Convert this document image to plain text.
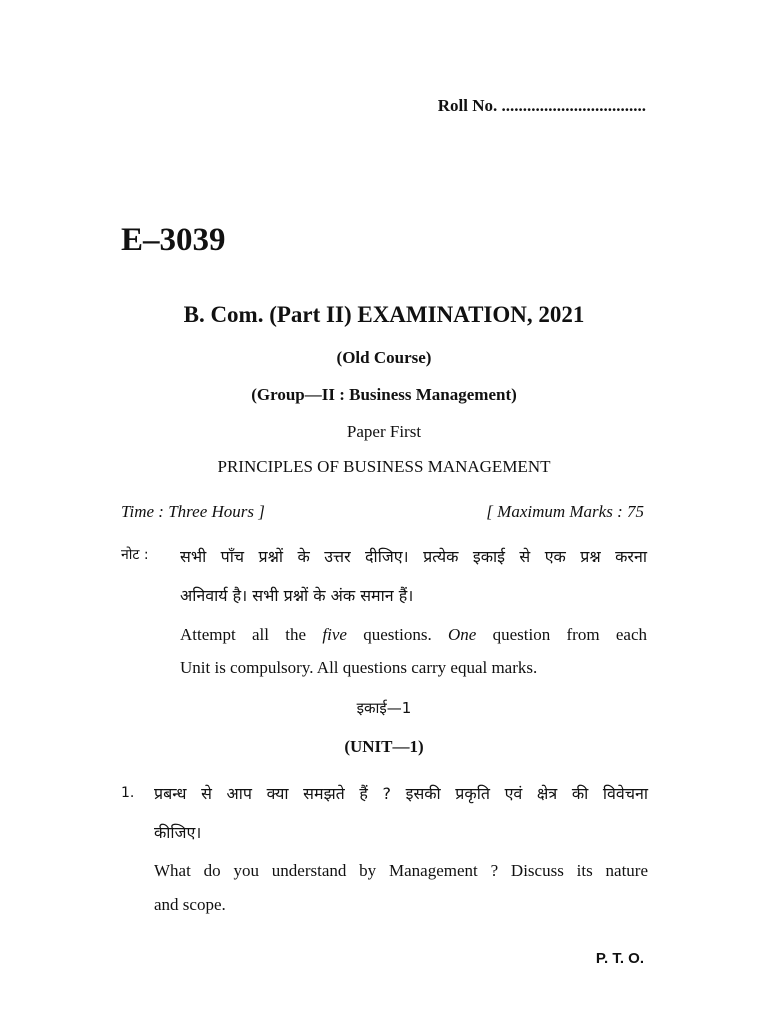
Roll No. ..................................
E–3039
B. Com. (Part II) EXAMINATION, 2021
(Old Course)
(Group—II : Business Management)
Paper First
PRINCIPLES OF BUSINESS MANAGEMENT
Time : Three Hours ]	[ Maximum Marks : 75
नोट : सभी पाँच प्रश्नों के उत्तर दीजिए। प्रत्येक इकाई से एक प्रश्न करना
अनिवार्य है। सभी प्रश्नों के अंक समान हैं।
Attempt all the five questions. One question from each
Unit is compulsory. All questions carry equal marks.
इकाई—1
(UNIT—1)
1. प्रबन्ध से आप क्या समझते हैं ? इसकी प्रकृति एवं क्षेत्र की विवेचना
कीजिए।
What do you understand by Management ? Discuss its nature
and scope.
P. T. O.
